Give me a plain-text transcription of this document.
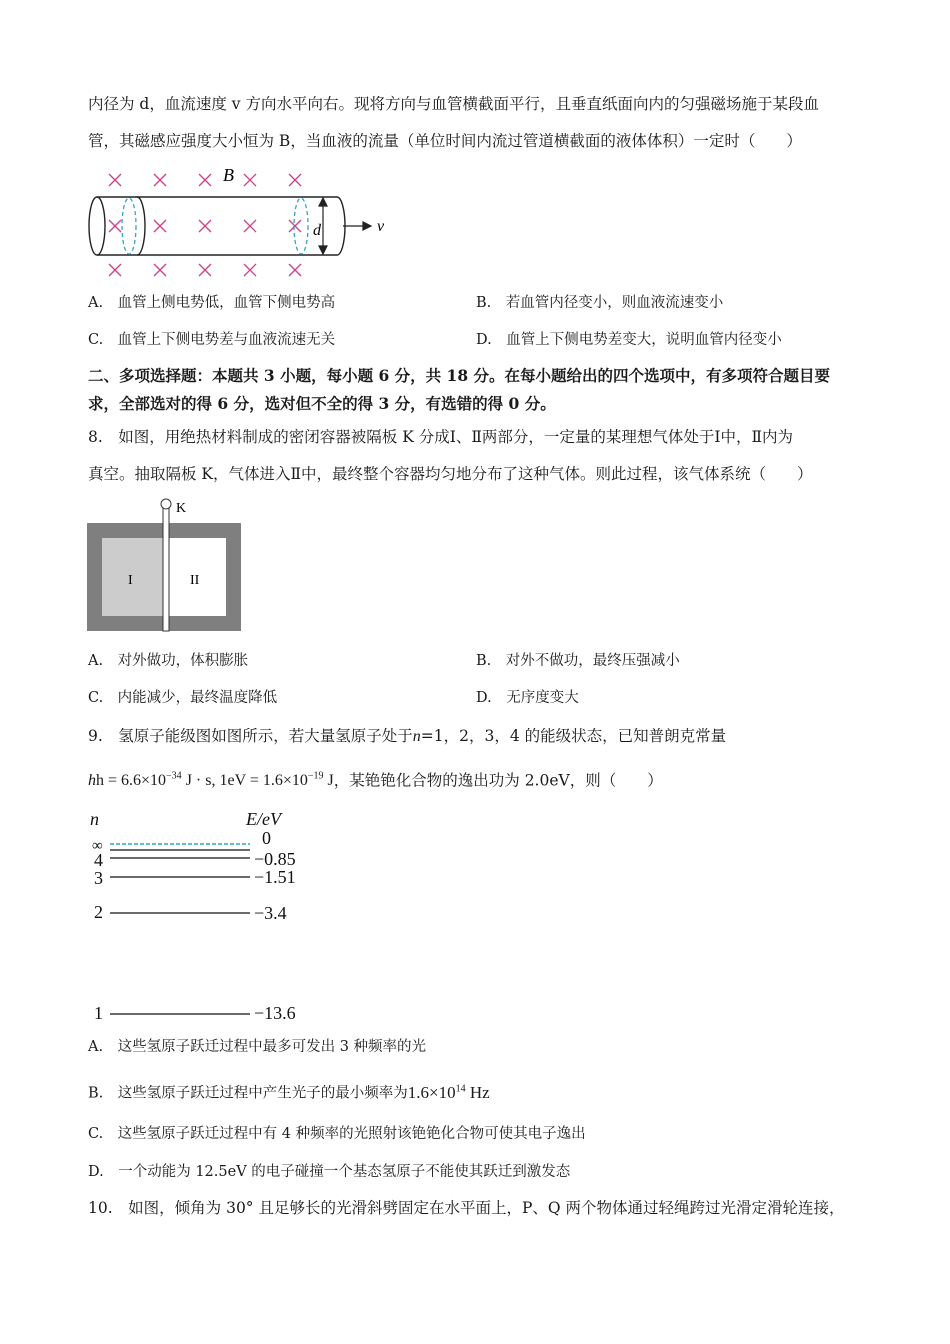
内径为 d，血流速度 v 方向水平向右。现将方向与血管横截面平行，且垂直纸面向内的匀强磁场施于某段血
管，其磁感应强度大小恒为 B，当血液的流量（单位时间内流过管道横截面的液体体积）一定时（　　）
B
d	v
A.　血管上侧电势低，血管下侧电势高	B.　若血管内径变小，则血液流速变小
C.　血管上下侧电势差与血液流速无关	D.　血管上下侧电势差变大，说明血管内径变小
二、多项选择题：本题共 3 小题，每小题 6 分，共 18 分。在每小题给出的四个选项中，有多项符合题目要
求，全部选对的得 6 分，选对但不全的得 3 分，有选错的得 0 分。
8.　如图，用绝热材料制成的密闭容器被隔板 K 分成Ⅰ、Ⅱ两部分，一定量的某理想气体处于Ⅰ中，Ⅱ内为
真空。抽取隔板 K，气体进入Ⅱ中，最终整个容器均匀地分布了这种气体。则此过程，该气体系统（　　）
K
I	II
A.　对外做功，体积膨胀	B.　对外不做功，最终压强减小
C.　内能减少，最终温度降低	D.　无序度变大
9.　氢原子能级图如图所示，若大量氢原子处于n=1，2，3，4 的能级状态，已知普朗克常量
hh = $6.6\times 10^{-34}$ J · s, $1eV = 1.6\times 10^{-19}$ J，某铯铯化合物的逸出功为 2.0eV，则（　　）
n	E/eV
∞	0
4	−0.85
3	−1.51
2	−3.4
1	−13.6
A.　这些氢原子跃迁过程中最多可发出 3 种频率的光
B.　这些氢原子跃迁过程中产生光子的最小频率为$1.6\times 10^{14}$ Hz
C.　这些氢原子跃迁过程中有 4 种频率的光照射该铯铯化合物可使其电子逸出
D.　一个动能为 12.5eV 的电子碰撞一个基态氢原子不能使其跃迁到激发态
10.　如图，倾角为 30° 且足够长的光滑斜劈固定在水平面上，P、Q 两个物体通过轻绳跨过光滑定滑轮连接，
